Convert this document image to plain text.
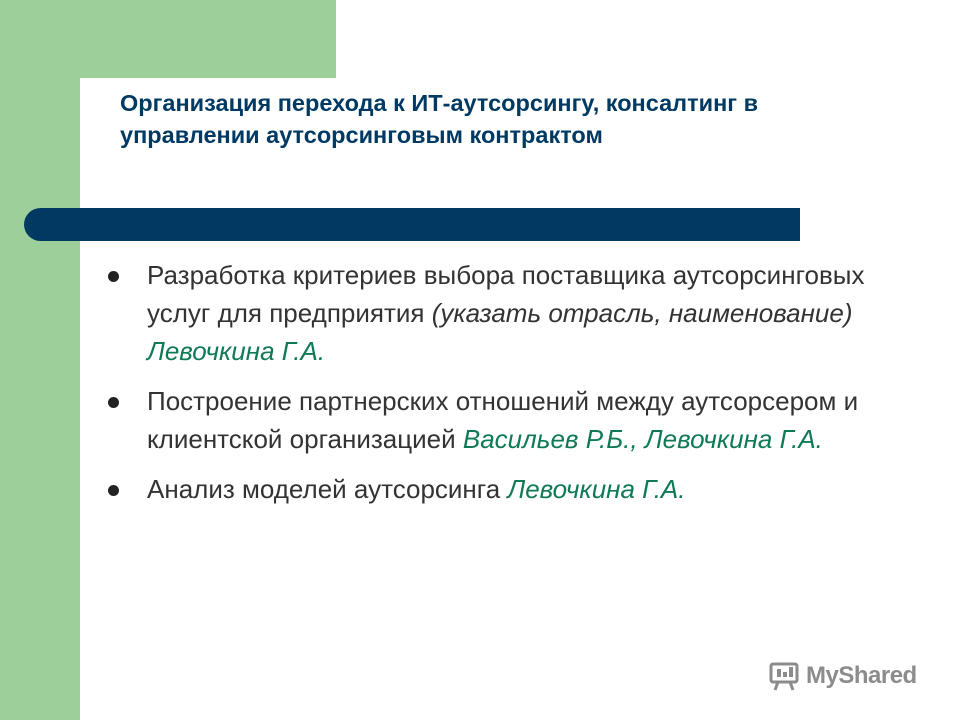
Организация перехода к ИТ-аутсорсингу, консалтинг в управлении аутсорсинговым контрактом
Разработка критериев выбора поставщика аутсорсинговых услуг для предприятия (указать отрасль, наименование) Левочкина Г.А.
Построение партнерских отношений между аутсорсером и клиентской организацией Васильев Р.Б., Левочкина Г.А.
Анализ моделей аутсорсинга Левочкина Г.А.
MyShared
